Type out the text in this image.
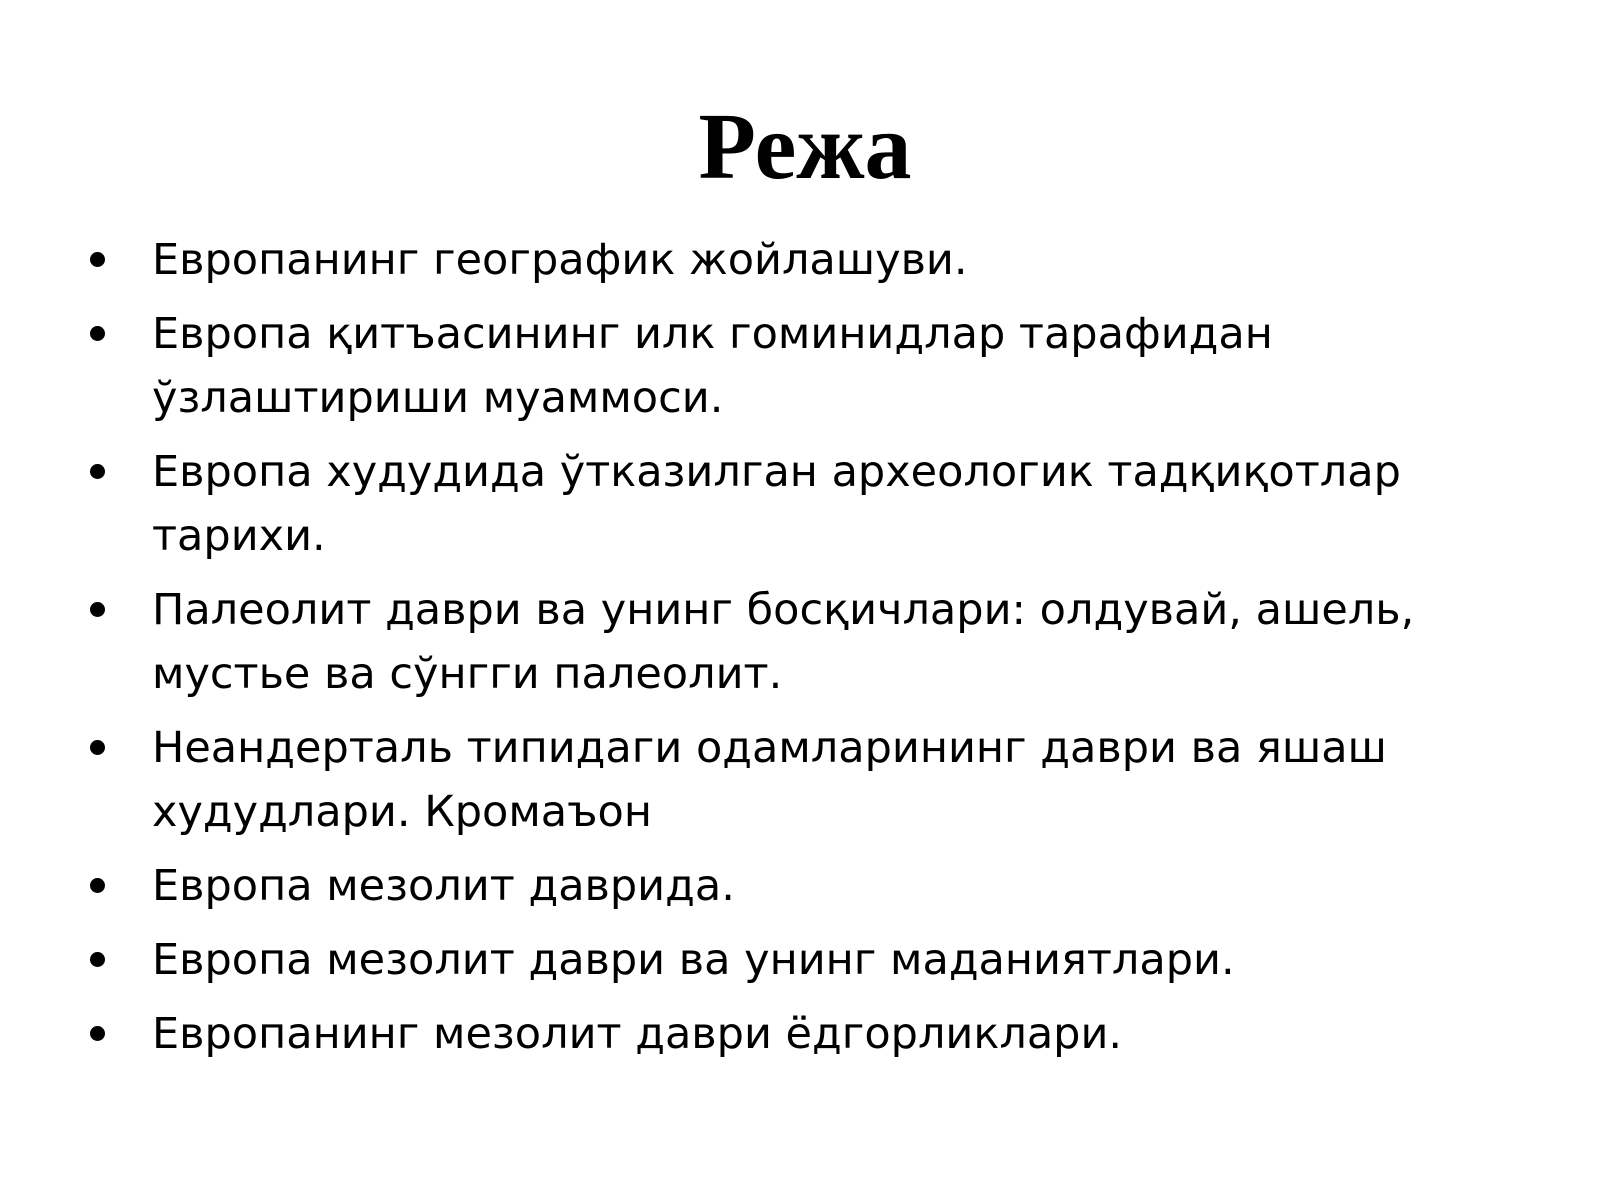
Режа
Европанинг географик жойлашуви.
Европа қитъасининг илк гоминидлар тарафидан ўзлаштириши муаммоси.
Европа худудида ўтказилган археологик тадқиқотлар тарихи.
Палеолит даври ва унинг босқичлари: олдувай, ашель, мустье ва сўнгги палеолит.
Неандерталь типидаги одамларининг даври ва яшаш худудлари. Кромаъон
Европа мезолит даврида.
Европа мезолит даври ва унинг маданиятлари.
Европанинг мезолит даври ёдгорликлари.
